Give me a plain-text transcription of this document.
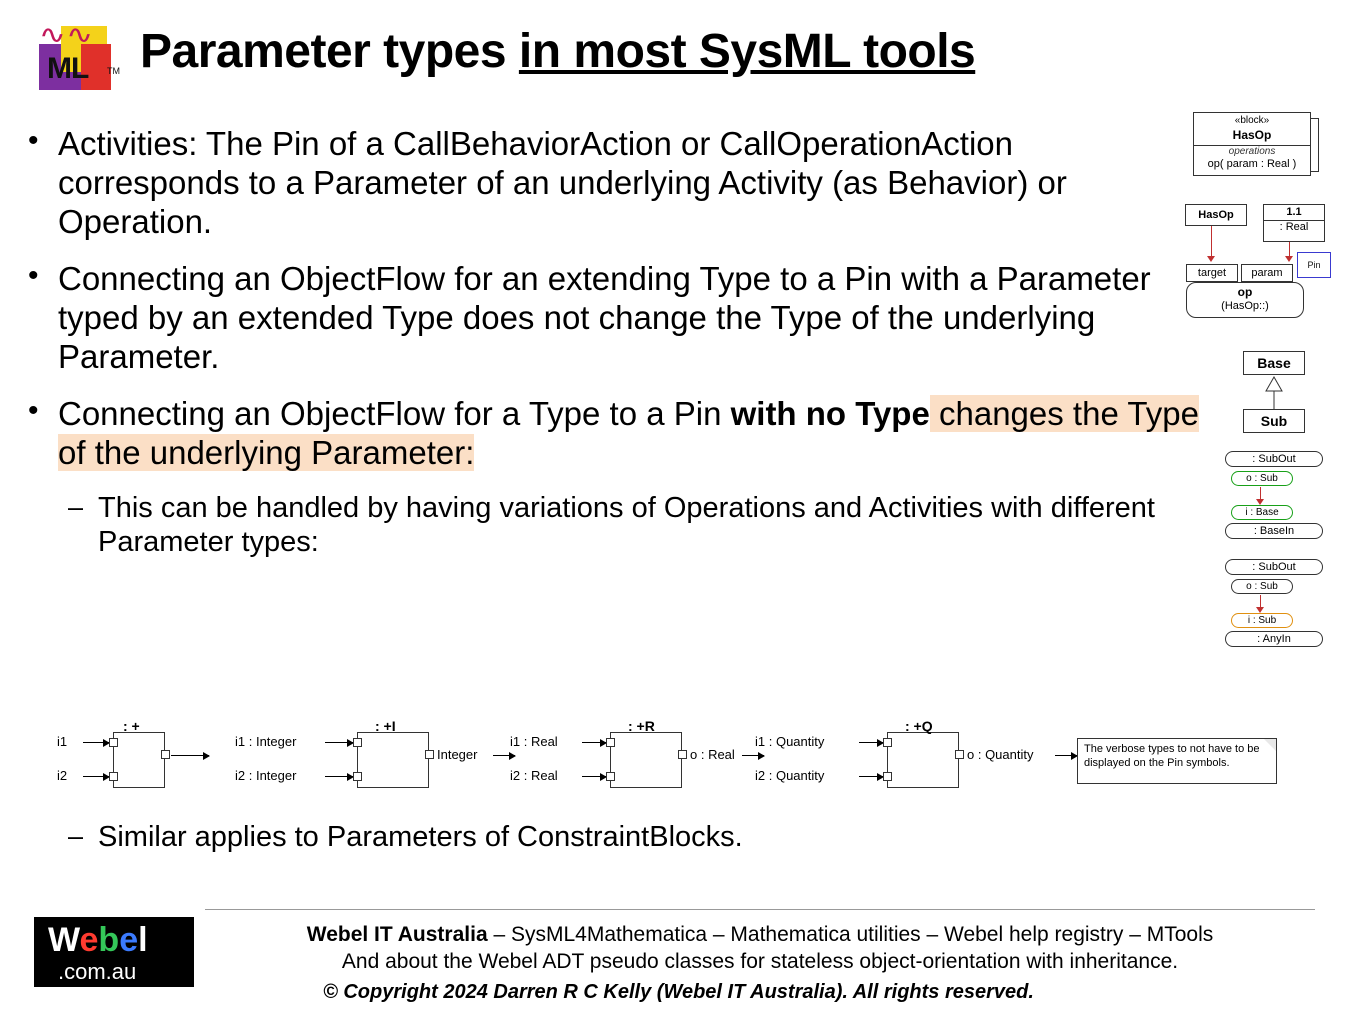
∿∿
ML TM Parameter types in most SysML tools
• Activities: The Pin of a CallBehaviorAction or CallOperationAction corresponds to a Parameter of an underlying Activity (as Behavior) or Operation.
• Connecting an ObjectFlow for an extending Type to a Pin with a Parameter typed by an extended Type does not change the Type of the underlying Parameter.
• Connecting an ObjectFlow for a Type to a Pin with no Type changes the Type of the underlying Parameter:
– This can be handled by having variations of Operations and Activities with different Parameter types:
– Similar applies to Parameters of ConstraintBlocks.
«block»
HasOp
operations
op( param : Real )
HasOp	1.1
: Real
target	param
Pin
op
(HasOp::)
Base
Sub
: SubOut
o : Sub
i : Base
: BaseIn
: SubOut
o : Sub
i : Sub
: AnyIn
i1
i2
: +
i1 : Integer
i2 : Integer
: +I
Integer
i1 : Real
i2 : Real
: +R
o : Real
i1 : Quantity
i2 : Quantity
: +Q
o : Quantity	The verbose types to not have to be displayed on the Pin symbols.
Webel
.com.au
Webel IT Australia – SysML4Mathematica – Mathematica utilities – Webel help registry – MTools
And about the Webel ADT pseudo classes for stateless object-orientation with inheritance.
© Copyright 2024 Darren R C Kelly (Webel IT Australia). All rights reserved.
